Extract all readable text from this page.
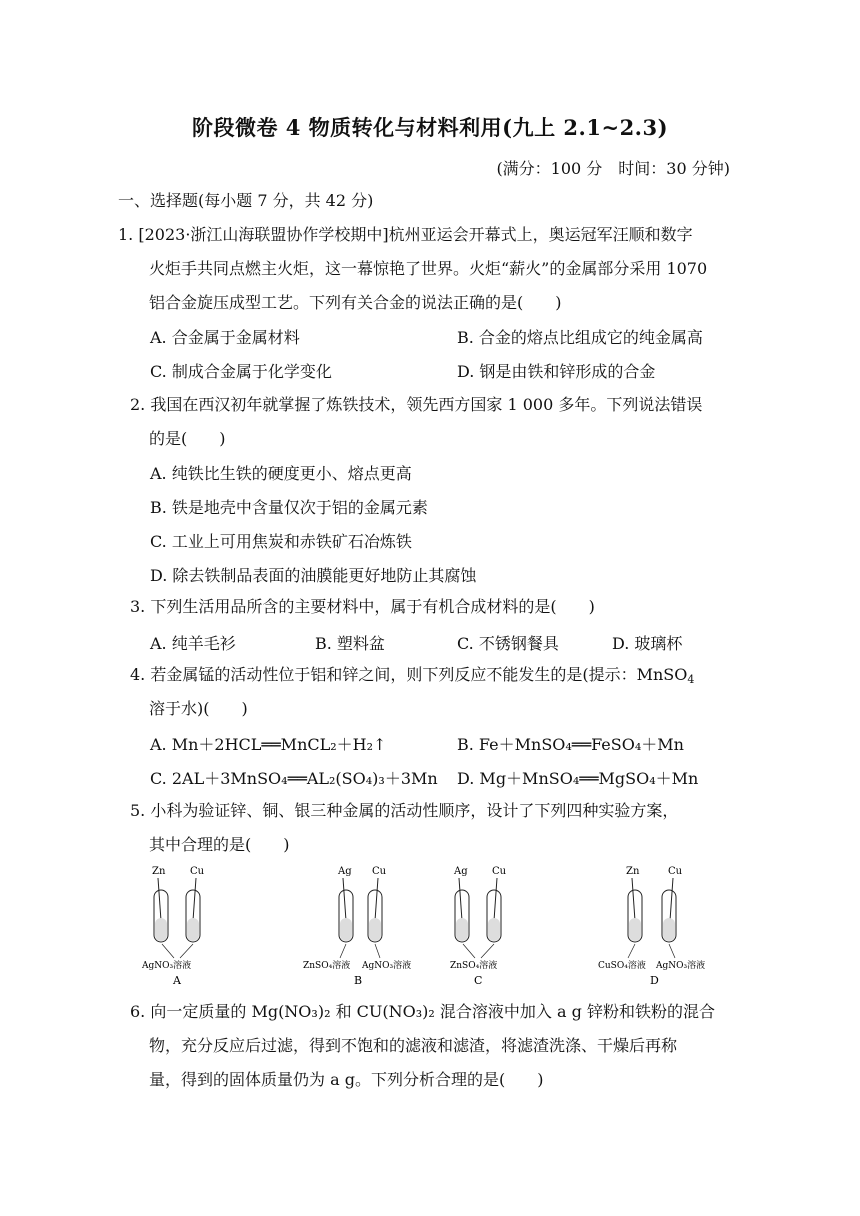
阶段微卷 4 物质转化与材料利用(九上 2.1~2.3)
(满分：100 分　时间：30 分钟)
一、选择题(每小题 7 分，共 42 分)
1. [2023·浙江山海联盟协作学校期中]杭州亚运会开幕式上，奥运冠军汪顺和数字
火炬手共同点燃主火炬，这一幕惊艳了世界。火炬“薪火”的金属部分采用 1070
铝合金旋压成型工艺。下列有关合金的说法正确的是(　　)
A. 合金属于金属材料	B. 合金的熔点比组成它的纯金属高
C. 制成合金属于化学变化	D. 钢是由铁和锌形成的合金
2. 我国在西汉初年就掌握了炼铁技术，领先西方国家 1 000 多年。下列说法错误
的是(　　)
A. 纯铁比生铁的硬度更小、熔点更高
B. 铁是地壳中含量仅次于铝的金属元素
C. 工业上可用焦炭和赤铁矿石冶炼铁
D. 除去铁制品表面的油膜能更好地防止其腐蚀
3. 下列生活用品所含的主要材料中，属于有机合成材料的是(　　)
A. 纯羊毛衫	B. 塑料盆	C. 不锈钢餐具	D. 玻璃杯
4. 若金属锰的活动性位于铝和锌之间，则下列反应不能发生的是(提示：MnSO$_4$
溶于水)(　　)
A. Mn＋2HCL══MnCL₂＋H₂↑	B. Fe＋MnSO₄══FeSO₄＋Mn
C. 2AL＋3MnSO₄══AL₂(SO₄)₃＋3Mn D. Mg＋MnSO₄══MgSO₄＋Mn
5. 小科为验证锌、铜、银三种金属的活动性顺序，设计了下列四种实验方案，
其中合理的是(　　)
Zn Cu
AgNO₃溶液
A
Ag Cu
ZnSO₄溶液 AgNO₃溶液
B
Ag Cu
ZnSO₄溶液
C
Zn	Cu
CuSO₄溶液 AgNO₃溶液
D
6. 向一定质量的 Mg(NO₃)₂ 和 CU(NO₃)₂ 混合溶液中加入 a g 锌粉和铁粉的混合
物，充分反应后过滤，得到不饱和的滤液和滤渣，将滤渣洗涤、干燥后再称
量，得到的固体质量仍为 a g。下列分析合理的是(　　)
